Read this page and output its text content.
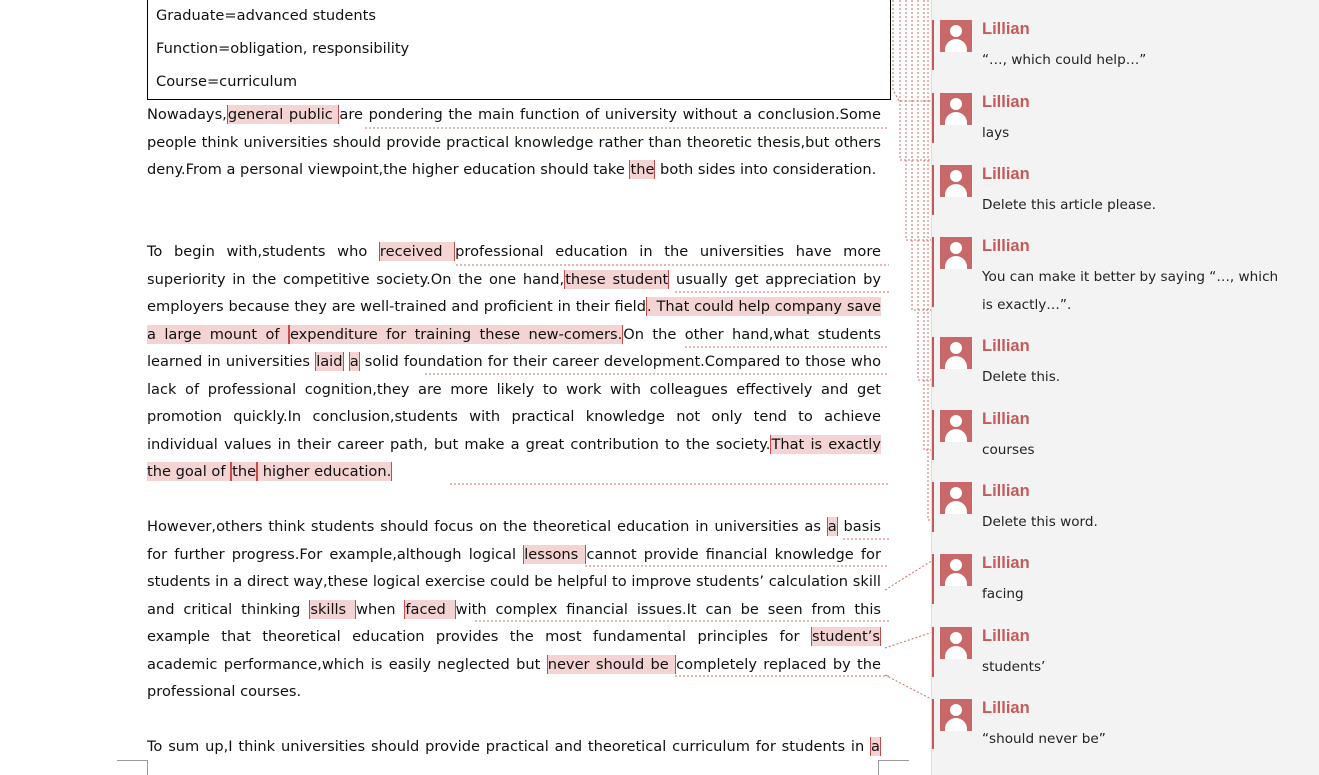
Graduate=advanced students
Function=obligation, responsibility
Course=curriculum

Nowadays,general public are pondering the main function of university without a conclusion.Some people think universities should provide practical knowledge rather than theoretic thesis,but others deny.From a personal viewpoint,the higher education should take the both sides into consideration.

To begin with,students who received professional education in the universities have more superiority in the competitive society.On the one hand,these student usually get appreciation by employers because they are well-trained and proficient in their field. That could help company save a large mount of expenditure for training these new-comers.On the other hand,what students learned in universities laid a solid foundation for their career development.Compared to those who lack of professional cognition,they are more likely to work with colleagues effectively and get promotion quickly.In conclusion,students with practical knowledge not only tend to achieve individual values in their career path, but make a great contribution to the society.That is exactly the goal of the higher education.

However,others think students should focus on the theoretical education in universities as a basis for further progress.For example,although logical lessons cannot provide financial knowledge for students in a direct way,these logical exercise could be helpful to improve students’ calculation skill and critical thinking skills when faced with complex financial issues.It can be seen from this example that theoretical education provides the most fundamental principles for student’s academic performance,which is easily neglected but never should be completely replaced by the professional courses.

To sum up,I think universities should provide practical and theoretical curriculum for students in a

Lillian
“…, which could help…”
Lillian
lays
Lillian
Delete this article please.
Lillian
You can make it better by saying “…, which is exactly…”.
Lillian
Delete this.
Lillian
courses
Lillian
Delete this word.
Lillian
facing
Lillian
students’
Lillian
“should never be”
